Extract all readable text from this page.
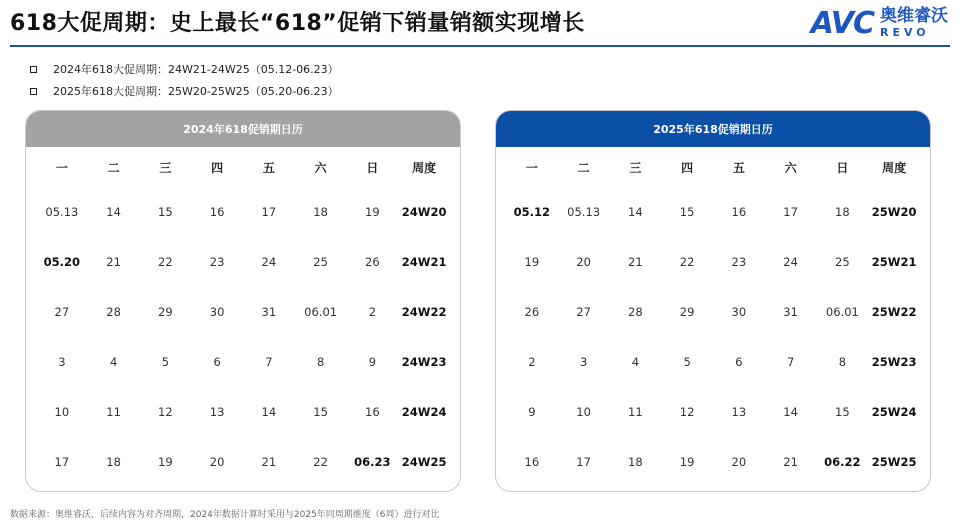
618大促周期：史上最长“618”促销下销量销额实现增长	AVC 奥维睿沃
REVO
2024年618大促周期：24W21-24W25（05.12-06.23）
2025年618大促周期：25W20-25W25（05.20-06.23）
2024年618促销期日历
一	二	三	四	五	六	日	周度
05.13	14	15	16	17	18	19	24W20
05.20	21	22	23	24	25	26	24W21
27	28	29	30	31	06.01	2	24W22
3	4	5	6	7	8	9	24W23
10	11	12	13	14	15	16	24W24
17	18	19	20	21	22	06.23 24W25
2025年618促销期日历
一	二	三	四	五	六	日	周度
05.12	05.13	14	15	16	17	18	25W20
19	20	21	22	23	24	25	25W21
26	27	28	29	30	31	06.01	25W22
2	3	4	5	6	7	8	25W23
9	10	11	12	13	14	15	25W24
16	17	18	19	20	21	06.22 25W25
数据来源：奥维睿沃，后续内容为对齐周期，2024年数据计算时采用与2025年同周期维度（6周）进行对比
